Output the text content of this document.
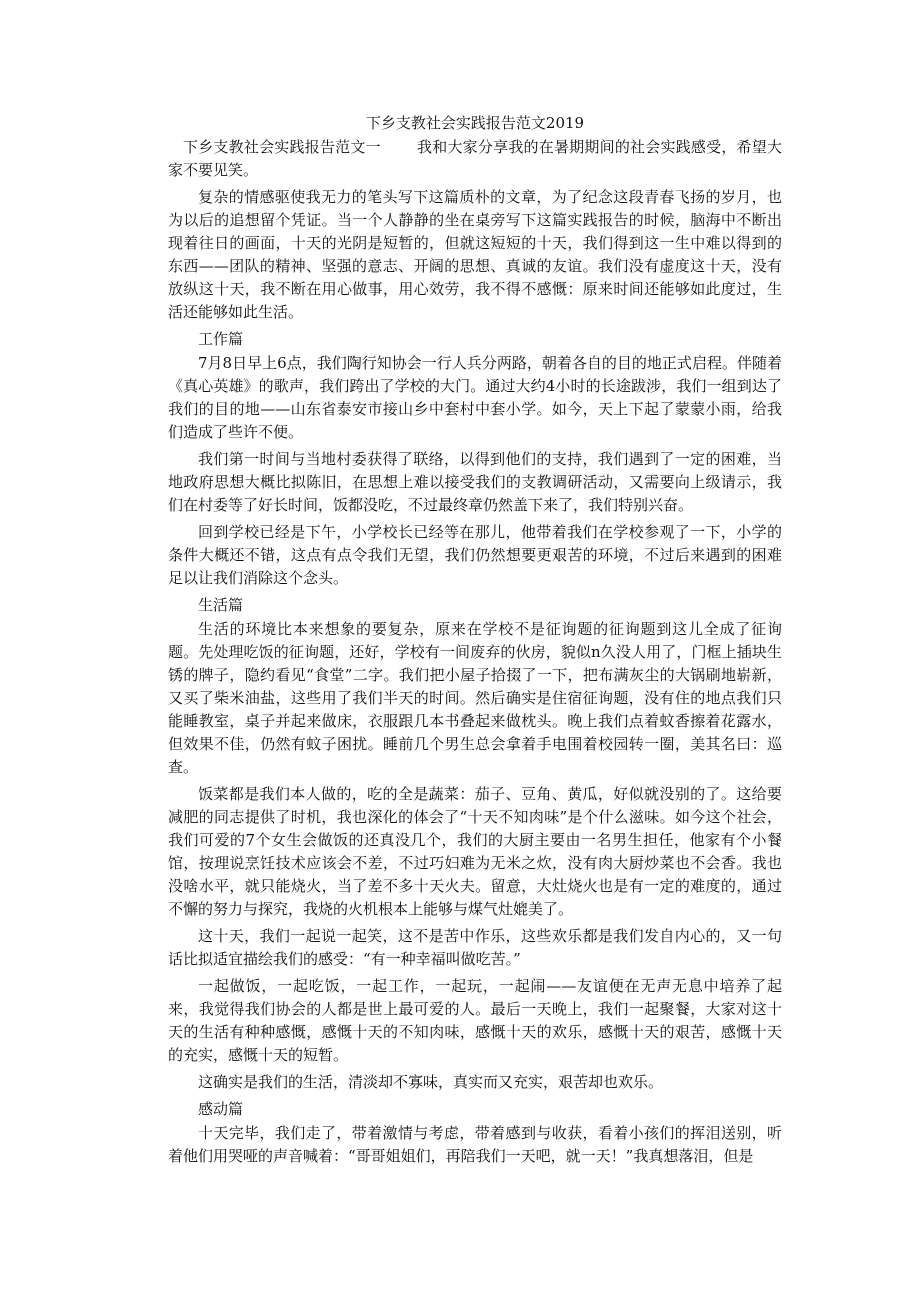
下乡支教社会实践报告范文2019
下乡支教社会实践报告范文一 我和大家分享我的在暑期期间的社会实践感受，希望大家不要见笑。
复杂的情感驱使我无力的笔头写下这篇质朴的文章，为了纪念这段青春飞扬的岁月，也为以后的追想留个凭证。当一个人静静的坐在桌旁写下这篇实践报告的时候，脑海中不断出现着往日的画面，十天的光阴是短暂的，但就这短短的十天，我们得到这一生中难以得到的东西——团队的精神、坚强的意志、开阔的思想、真诚的友谊。我们没有虚度这十天，没有放纵这十天，我不断在用心做事，用心效劳，我不得不感慨：原来时间还能够如此度过，生活还能够如此生活。
工作篇
7月8日早上6点，我们陶行知协会一行人兵分两路，朝着各自的目的地正式启程。伴随着《真心英雄》的歌声，我们跨出了学校的大门。通过大约4小时的长途跋涉，我们一组到达了我们的目的地——山东省泰安市接山乡中套村中套小学。如今，天上下起了蒙蒙小雨，给我们造成了些许不便。
我们第一时间与当地村委获得了联络，以得到他们的支持，我们遇到了一定的困难，当地政府思想大概比拟陈旧，在思想上难以接受我们的支教调研活动，又需要向上级请示，我们在村委等了好长时间，饭都没吃，不过最终章仍然盖下来了，我们特别兴奋。
回到学校已经是下午，小学校长已经等在那儿，他带着我们在学校参观了一下，小学的条件大概还不错，这点有点令我们无望，我们仍然想要更艰苦的环境，不过后来遇到的困难足以让我们消除这个念头。
生活篇
生活的环境比本来想象的要复杂，原来在学校不是征询题的征询题到这儿全成了征询题。先处理吃饭的征询题，还好，学校有一间废弃的伙房，貌似n久没人用了，门框上插块生锈的牌子，隐约看见“食堂”二字。我们把小屋子拾掇了一下，把布满灰尘的大锅刷地崭新，又买了柴米油盐，这些用了我们半天的时间。然后确实是住宿征询题，没有住的地点我们只能睡教室，桌子并起来做床，衣服跟几本书叠起来做枕头。晚上我们点着蚊香擦着花露水，但效果不佳，仍然有蚊子困扰。睡前几个男生总会拿着手电围着校园转一圈，美其名曰：巡查。
饭菜都是我们本人做的，吃的全是蔬菜：茄子、豆角、黄瓜，好似就没别的了。这给要减肥的同志提供了时机，我也深化的体会了“十天不知肉味”是个什么滋味。如今这个社会，我们可爱的7个女生会做饭的还真没几个，我们的大厨主要由一名男生担任，他家有个小餐馆，按理说烹饪技术应该会不差，不过巧妇难为无米之炊，没有肉大厨炒菜也不会香。我也没啥水平，就只能烧火，当了差不多十天火夫。留意，大灶烧火也是有一定的难度的，通过不懈的努力与探究，我烧的火机根本上能够与煤气灶媲美了。
这十天，我们一起说一起笑，这不是苦中作乐，这些欢乐都是我们发自内心的，又一句话比拟适宜描绘我们的感受：“有一种幸福叫做吃苦。”
一起做饭，一起吃饭，一起工作，一起玩，一起闹——友谊便在无声无息中培养了起来，我觉得我们协会的人都是世上最可爱的人。最后一天晚上，我们一起聚餐，大家对这十天的生活有种种感慨，感慨十天的不知肉味，感慨十天的欢乐，感慨十天的艰苦，感慨十天的充实，感慨十天的短暂。
这确实是我们的生活，清淡却不寡味，真实而又充实，艰苦却也欢乐。
感动篇
十天完毕，我们走了，带着激情与考虑，带着感到与收获，看着小孩们的挥泪送别，听着他们用哭哑的声音喊着：“哥哥姐姐们，再陪我们一天吧，就一天！”我真想落泪，但是
